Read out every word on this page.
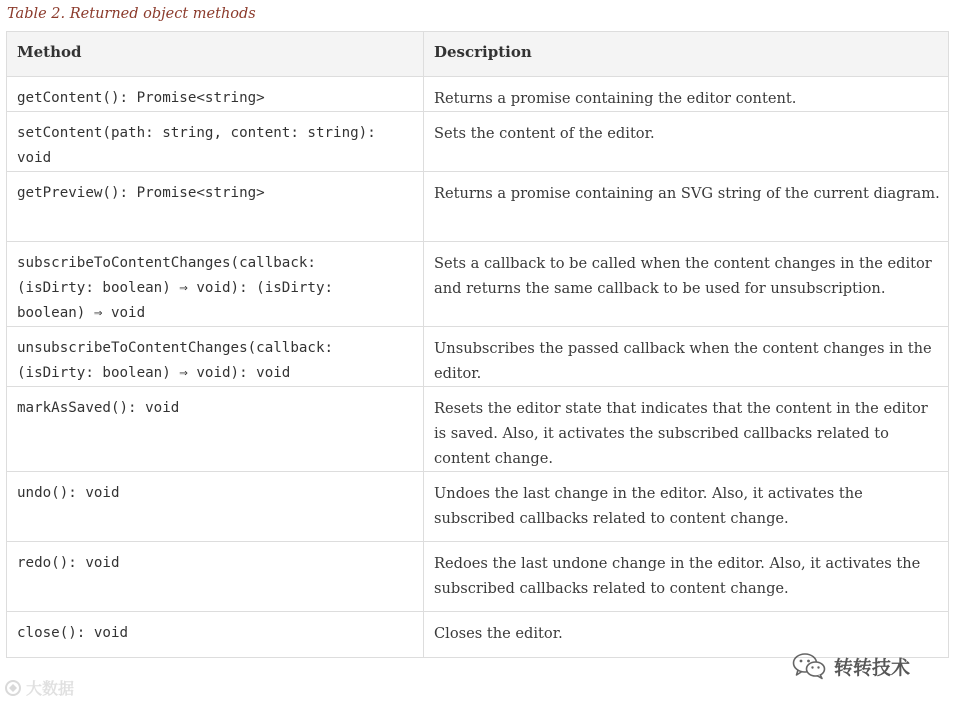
Table 2. Returned object methods
Method	Description
getContent(): Promise<string>	Returns a promise containing the editor content.
setContent(path: string, content: string):
void	Sets the content of the editor.
getPreview(): Promise<string>	Returns a promise containing an SVG string of the current diagram.
subscribeToContentChanges(callback:
(isDirty: boolean) ⇒ void): (isDirty:
boolean) ⇒ void	Sets a callback to be called when the content changes in the editor and returns the same callback to be used for unsubscription.
unsubscribeToContentChanges(callback:
(isDirty: boolean) ⇒ void): void	Unsubscribes the passed callback when the content changes in the editor.
markAsSaved(): void	Resets the editor state that indicates that the content in the editor is saved. Also, it activates the subscribed callbacks related to content change.
undo(): void	Undoes the last change in the editor. Also, it activates the subscribed callbacks related to content change.
redo(): void	Redoes the last undone change in the editor. Also, it activates the subscribed callbacks related to content change.
close(): void	Closes the editor.
转转技术
大数据
